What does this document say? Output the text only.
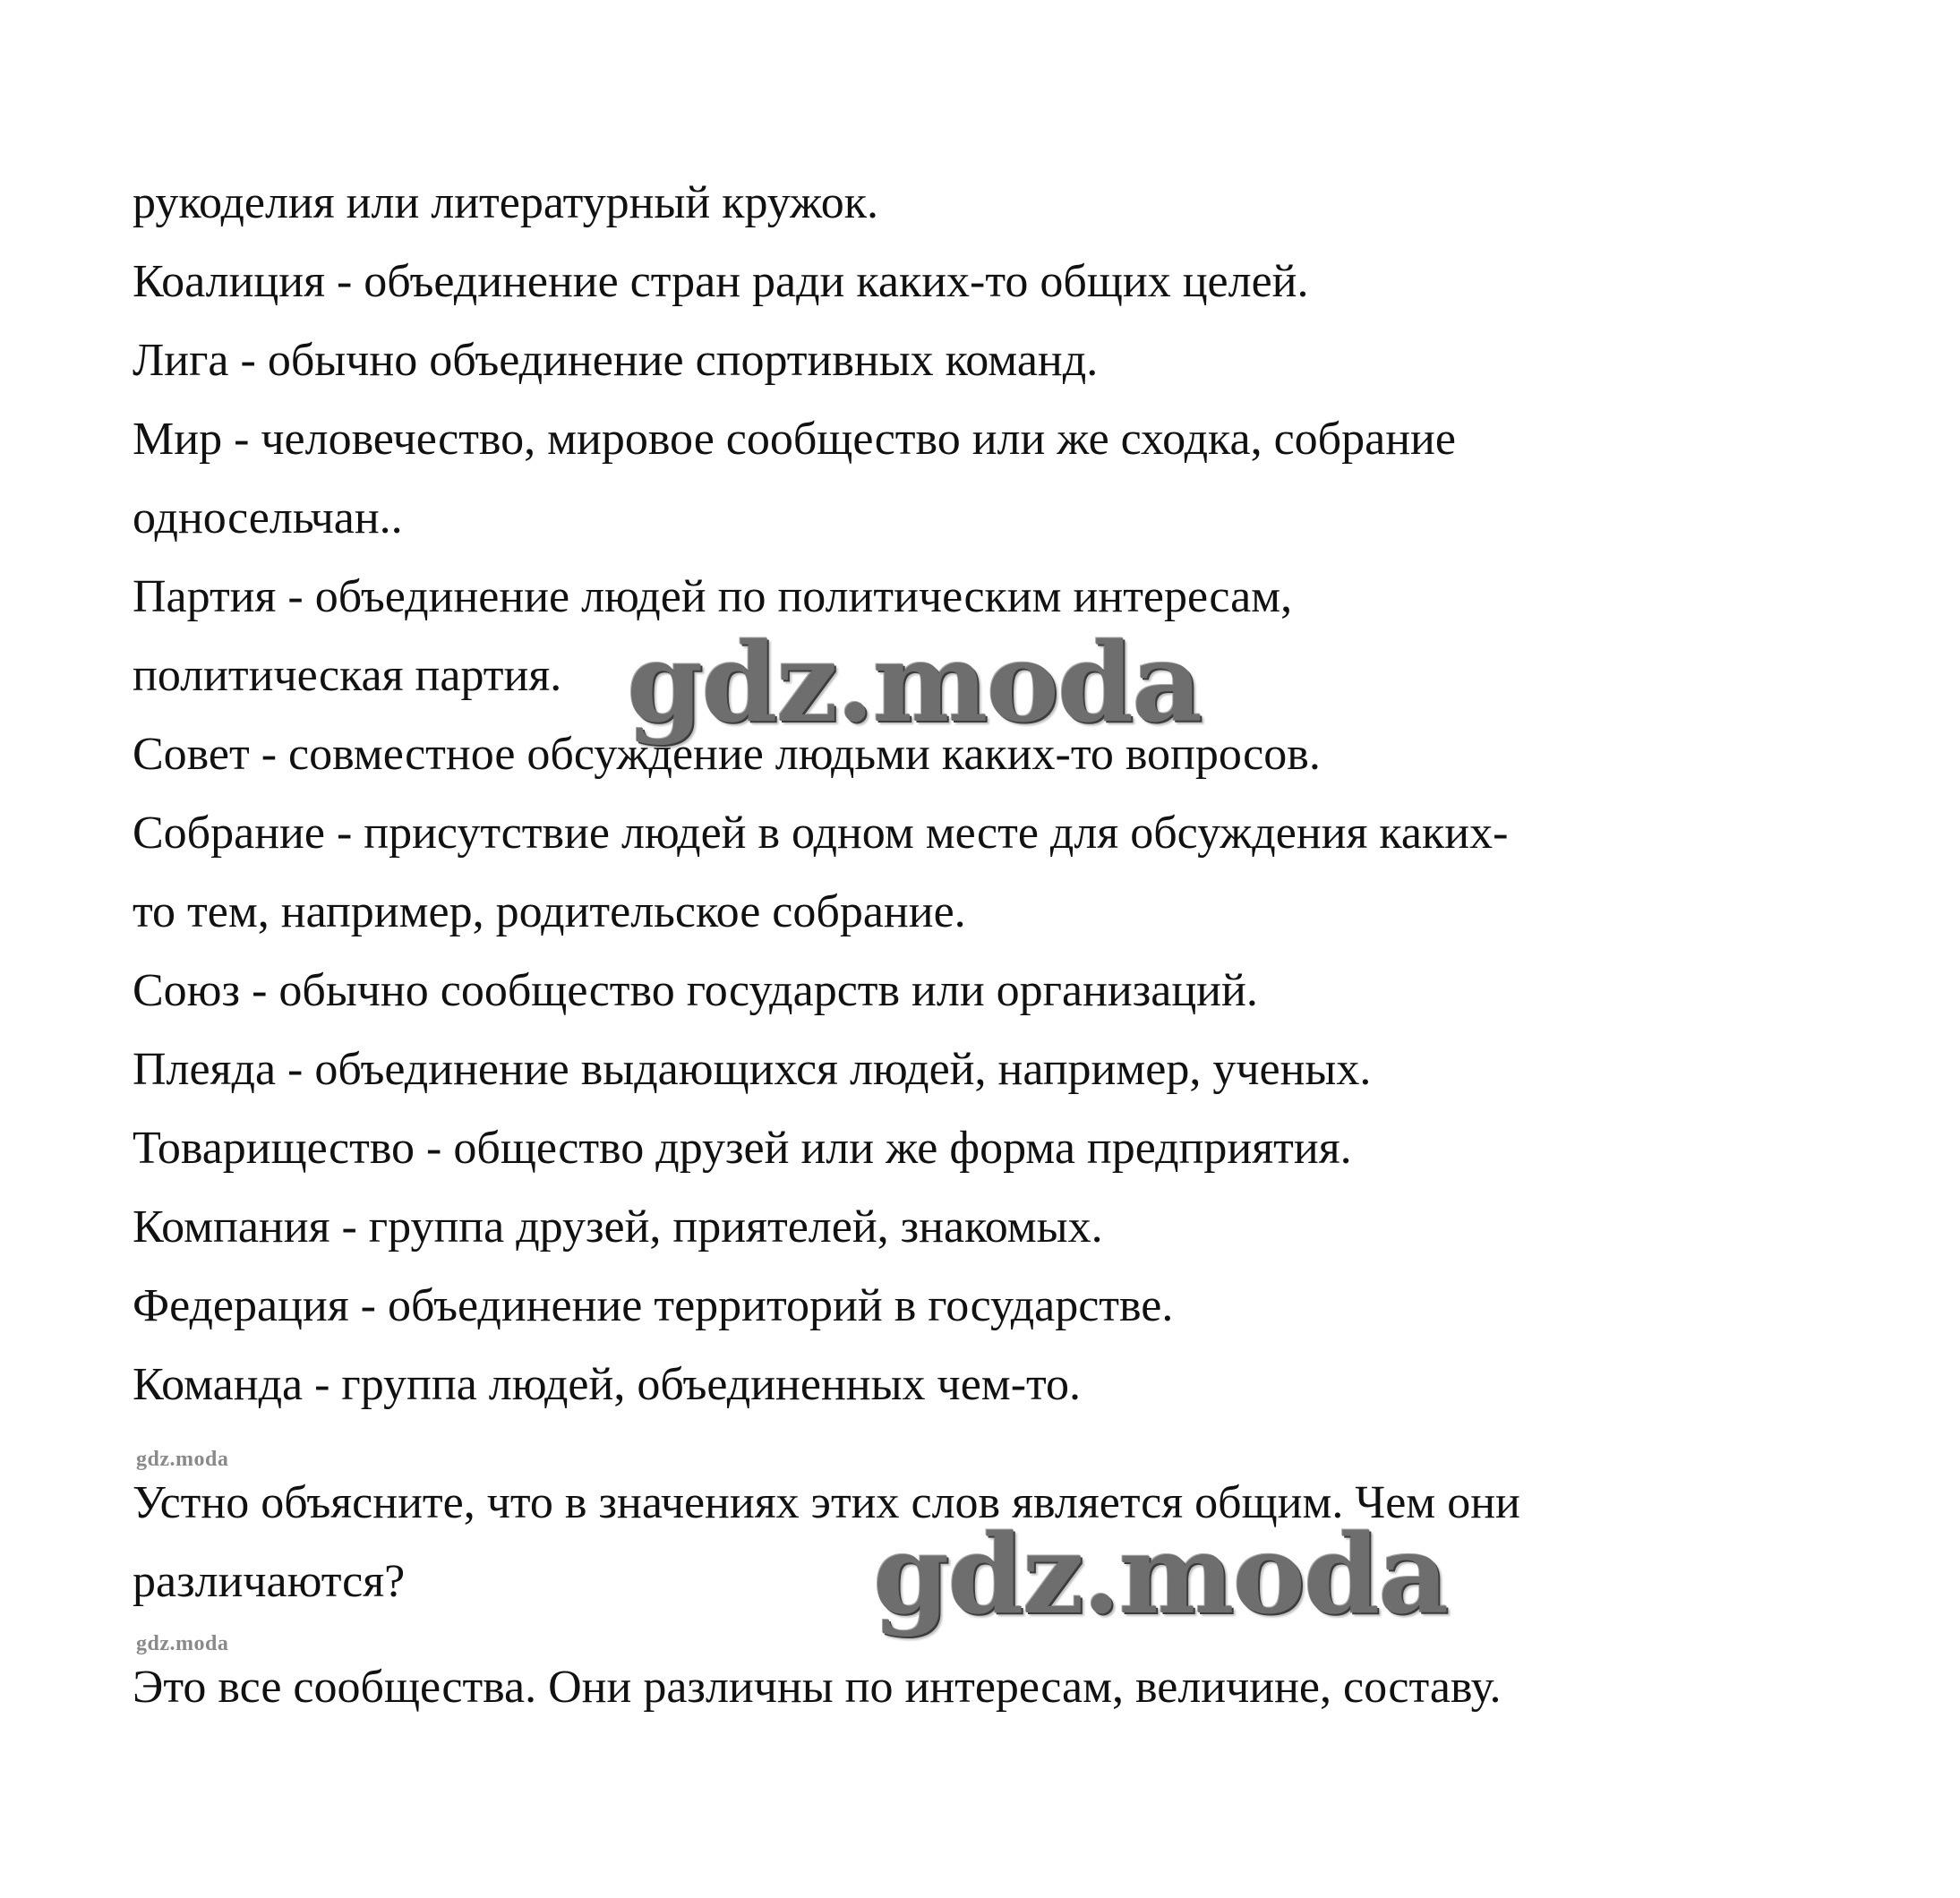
рукоделия или литературный кружок.
Коалиция - объединение стран ради каких-то общих целей.
Лига - обычно объединение спортивных команд.
Мир - человечество, мировое сообщество или же сходка, собрание
односельчан..
Партия - объединение людей по политическим интересам,
политическая партия.
Совет - совместное обсуждение людьми каких-то вопросов.
Собрание - присутствие людей в одном месте для обсуждения каких-
то тем, например, родительское собрание.
Союз - обычно сообщество государств или организаций.
Плеяда - объединение выдающихся людей, например, ученых.
Товарищество - общество друзей или же форма предприятия.
Компания - группа друзей, приятелей, знакомых.
Федерация - объединение территорий в государстве.
Команда - группа людей, объединенных чем-то.
gdz.moda
Устно объясните, что в значениях этих слов является общим. Чем они
различаются?
gdz.moda
Это все сообщества. Они различны по интересам, величине, составу.
gdz.moda
gdz.moda
